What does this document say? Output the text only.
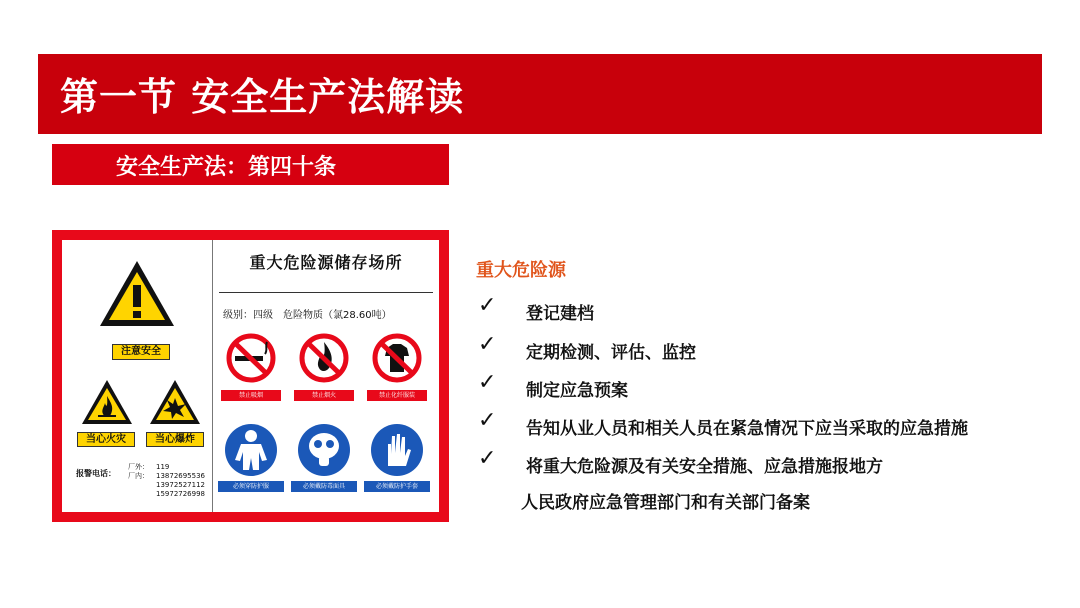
第一节 安全生产法解读
安全生产法：第四十条
注意安全
当心火灾	当心爆炸
报警电话：
厂外： 119
厂内： 13872695536
13972527112
15972726998
重大危险源储存场所
级别：四级 危险物质（氯28.60吨）
禁止吸烟	禁止烟火	禁止化纤服装
必须穿防护服	必须戴防毒面具	必须戴防护手套
重大危险源
✓ 登记建档
✓ 定期检测、评估、监控
✓ 制定应急预案
✓ 告知从业人员和相关人员在紧急情况下应当采取的应急措施
✓ 将重大危险源及有关安全措施、应急措施报地方
人民政府应急管理部门和有关部门备案
